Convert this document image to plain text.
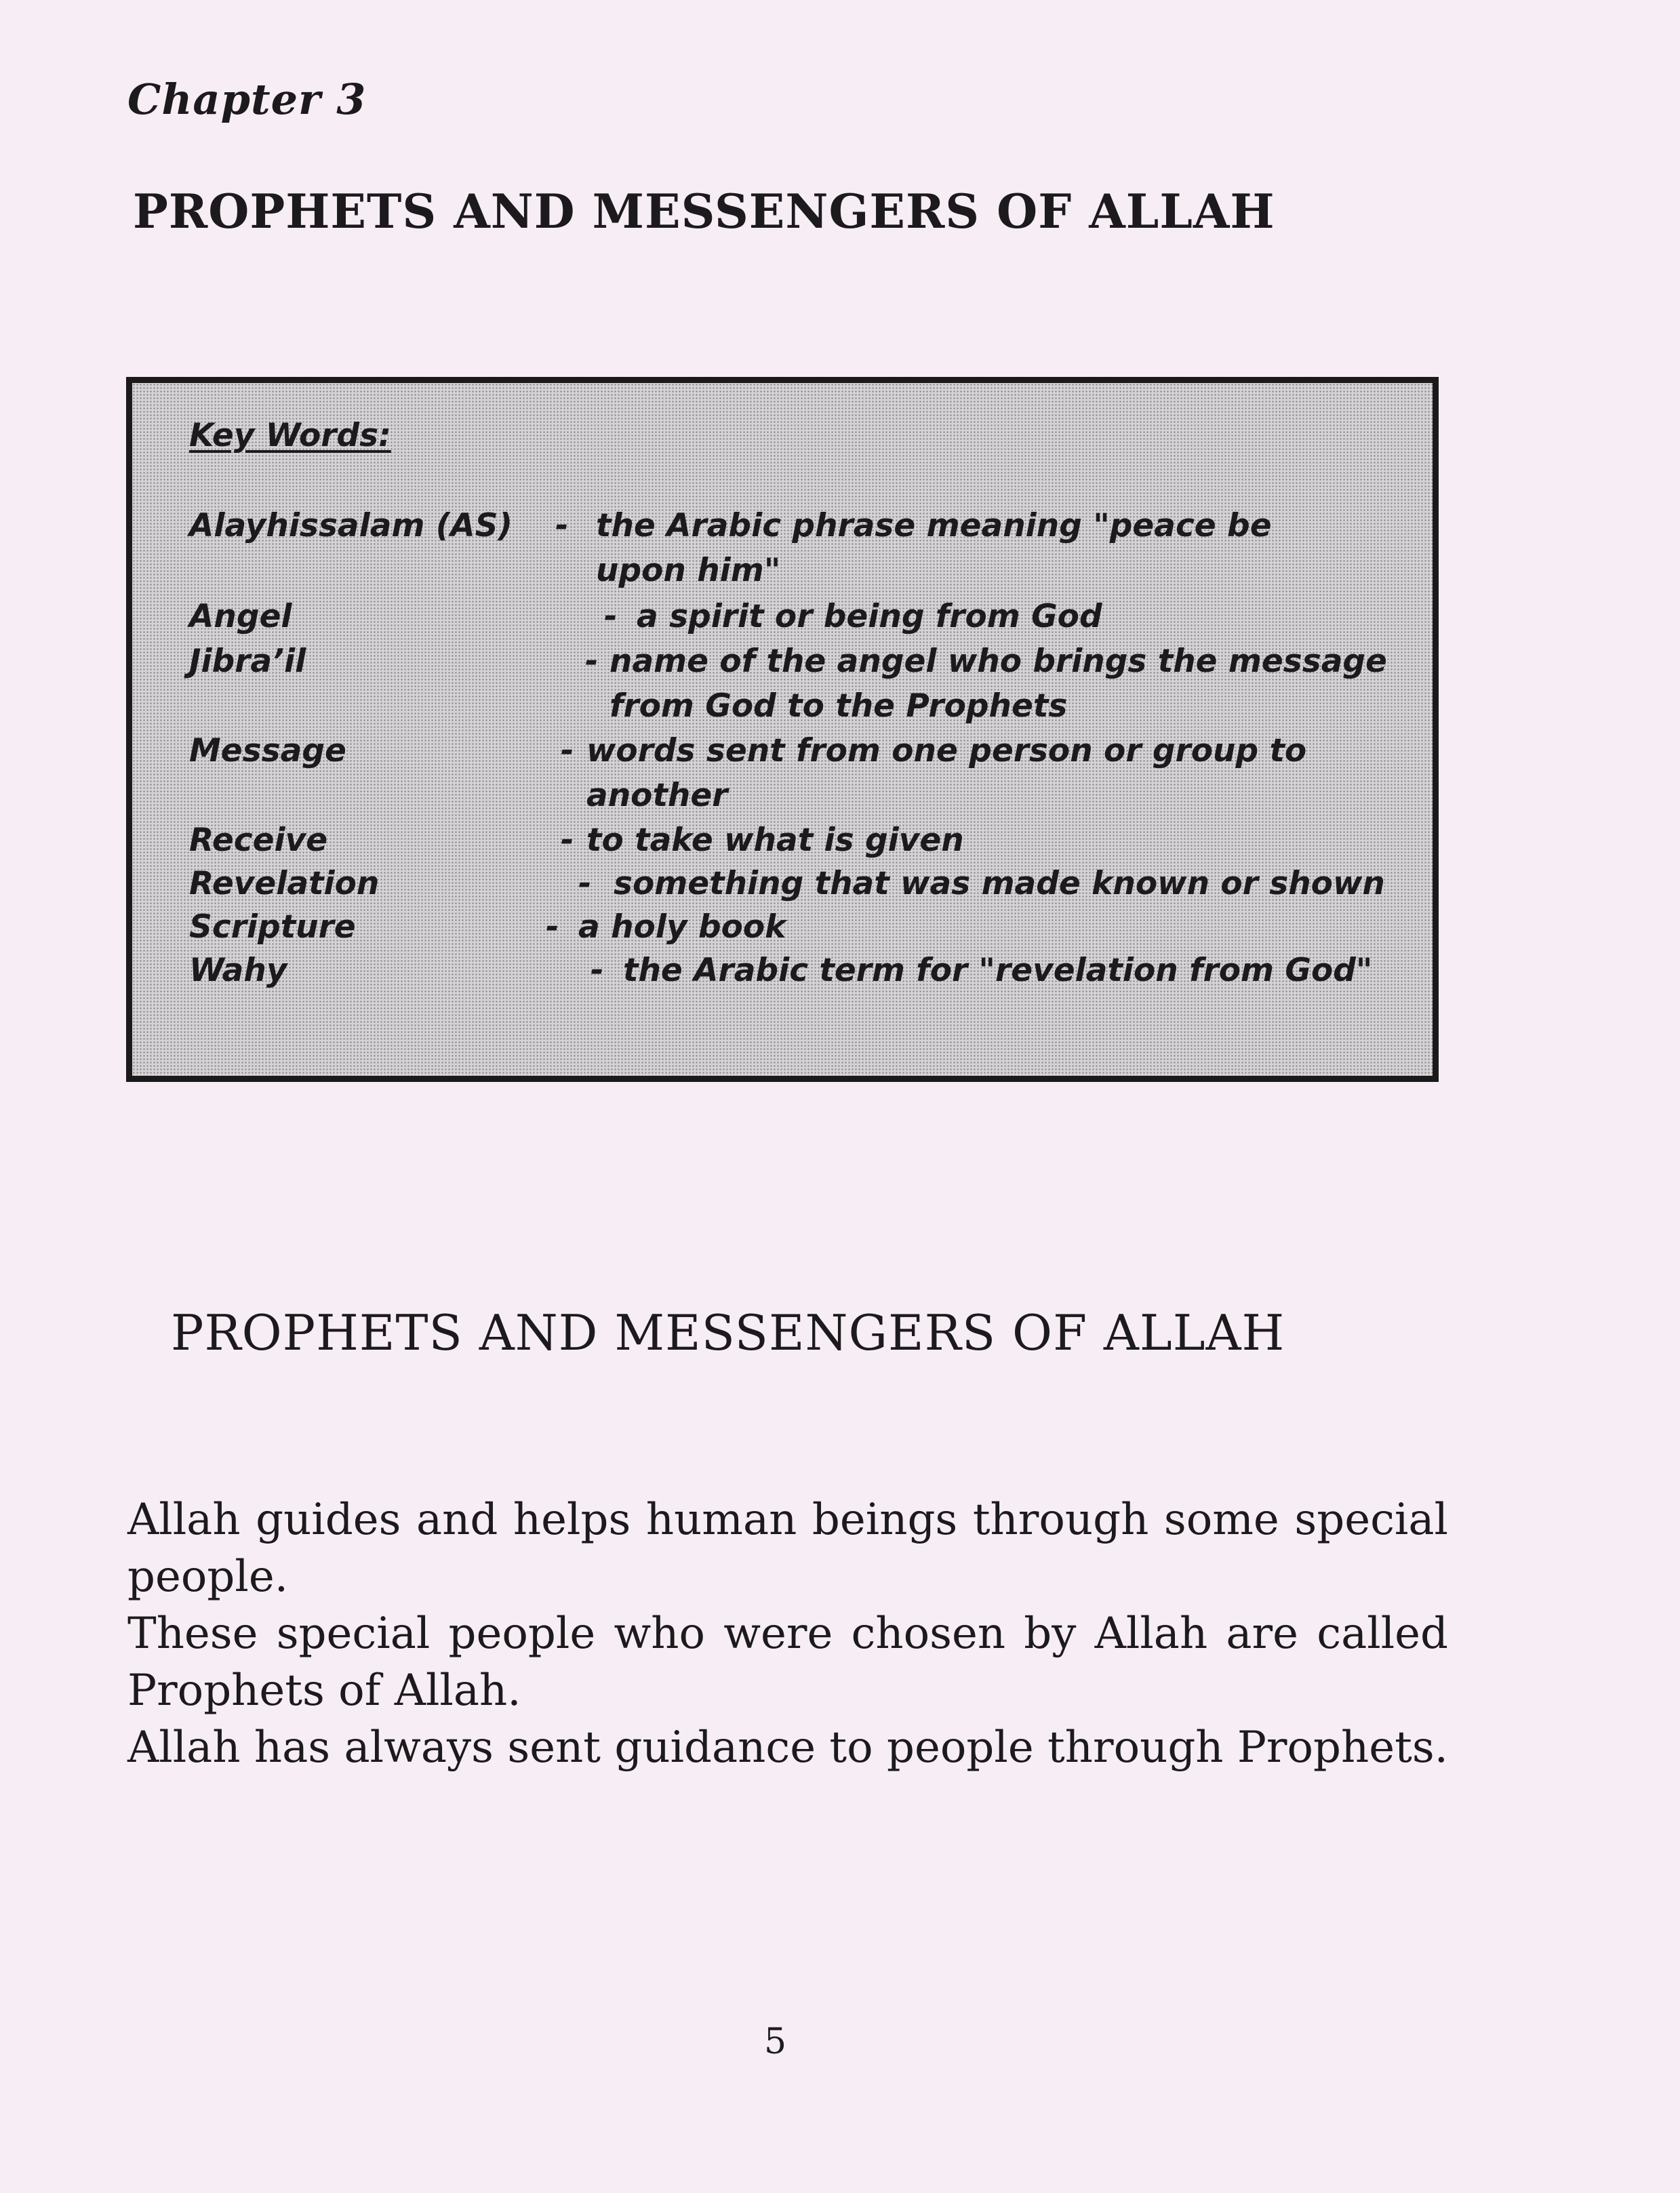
Chapter 3
PROPHETS AND MESSENGERS OF ALLAH
Key Words:
Alayhissalam (AS) - the Arabic phrase meaning "peace be upon him"
Angel	- a spirit or being from God
Jibra’il	- name of the angel who brings the message from God to the Prophets
Message	- words sent from one person or group to another
Receive	- to take what is given
Revelation	- something that was made known or shown
Scripture	- a holy book
Wahy	- the Arabic term for "revelation from God"
PROPHETS AND MESSENGERS OF ALLAH

Allah guides and helps human beings through some special people.

These special people who were chosen by Allah are called Prophets of Allah.

Allah has always sent guidance to people through Prophets.

5
